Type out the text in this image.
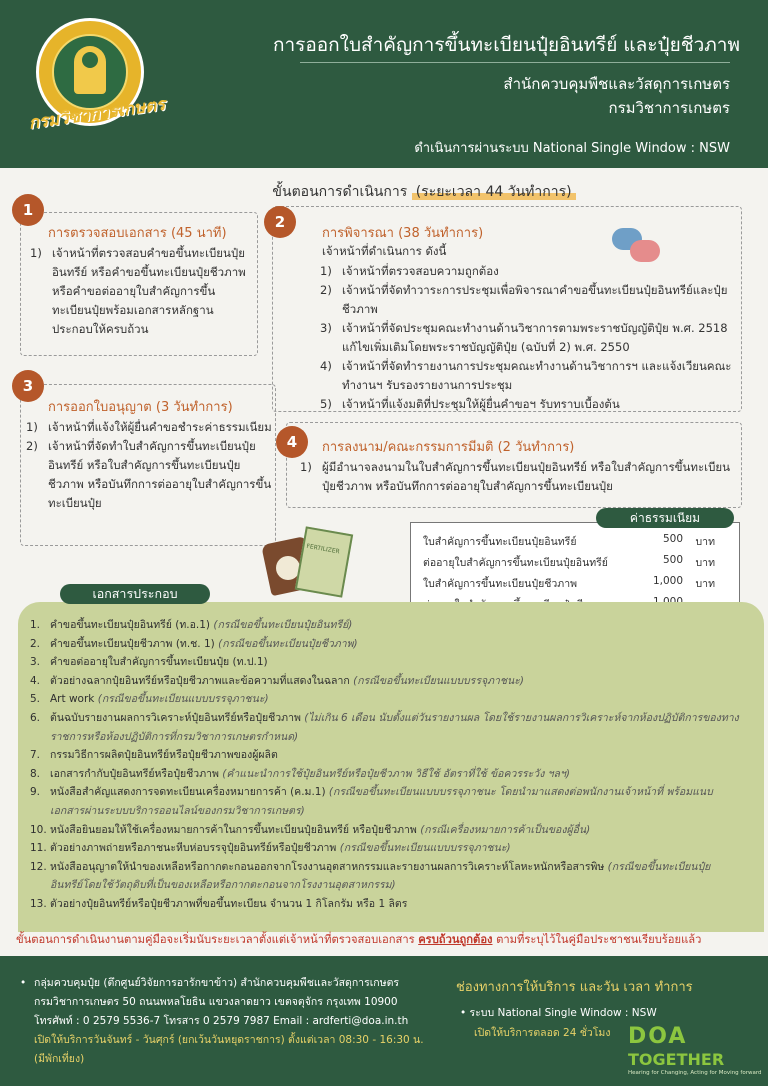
กรมวิชาการเกษตร
การออกใบสำคัญการขึ้นทะเบียนปุ๋ยอินทรีย์ และปุ๋ยชีวภาพ
สำนักควบคุมพืชและวัสดุการเกษตร
กรมวิชาการเกษตร
ดำเนินการผ่านระบบ National Single Window : NSW
ขั้นตอนการดำเนินการ (ระยะเวลา 44 วันทำการ)
1
การตรวจสอบเอกสาร (45 นาที)
1) เจ้าหน้าที่ตรวจสอบคำขอขึ้นทะเบียนปุ๋ยอินทรีย์ หรือคำขอขึ้นทะเบียนปุ๋ยชีวภาพ หรือคำขอต่ออายุใบสำคัญการขึ้นทะเบียนปุ๋ยพร้อมเอกสารหลักฐานประกอบให้ครบถ้วน
2
การพิจารณา (38 วันทำการ)
เจ้าหน้าที่ดำเนินการ ดังนี้
1) เจ้าหน้าที่ตรวจสอบความถูกต้อง
2) เจ้าหน้าที่จัดทำวาระการประชุมเพื่อพิจารณาคำขอขึ้นทะเบียนปุ๋ยอินทรีย์และปุ๋ยชีวภาพ
3) เจ้าหน้าที่จัดประชุมคณะทำงานด้านวิชาการตามพระราชบัญญัติปุ๋ย พ.ศ. 2518 แก้ไขเพิ่มเติมโดยพระราชบัญญัติปุ๋ย (ฉบับที่ 2) พ.ศ. 2550
4) เจ้าหน้าที่จัดทำรายงานการประชุมคณะทำงานด้านวิชาการฯ และแจ้งเวียนคณะทำงานฯ รับรองรายงานการประชุม
5) เจ้าหน้าที่แจ้งมติที่ประชุมให้ผู้ยื่นคำขอฯ รับทราบเบื้องต้น
3
การออกใบอนุญาต (3 วันทำการ)
1) เจ้าหน้าที่แจ้งให้ผู้ยื่นคำขอชำระค่าธรรมเนียม
2) เจ้าหน้าที่จัดทำใบสำคัญการขึ้นทะเบียนปุ๋ยอินทรีย์ หรือใบสำคัญการขึ้นทะเบียนปุ๋ยชีวภาพ หรือบันทึกการต่ออายุใบสำคัญการขึ้นทะเบียนปุ๋ย
4	การลงนาม/คณะกรรมการมีมติ (2 วันทำการ)
1) ผู้มีอำนาจลงนามในใบสำคัญการขึ้นทะเบียนปุ๋ยอินทรีย์ หรือใบสำคัญการขึ้นทะเบียนปุ๋ยชีวภาพ หรือบันทึกการต่ออายุใบสำคัญการขึ้นทะเบียนปุ๋ย
ใบสำคัญการขึ้นทะเบียนปุ๋ยอินทรีย์	500 บาท
ต่ออายุใบสำคัญการขึ้นทะเบียนปุ๋ยอินทรีย์	500 บาท
ใบสำคัญการขึ้นทะเบียนปุ๋ยชีวภาพ	1,000 บาท
ค่าธรรมเนียม
FERTILIZER
เอกสารประกอบ
1. คำขอขึ้นทะเบียนปุ๋ยอินทรีย์ (ท.อ.1) (กรณีขอขึ้นทะเบียนปุ๋ยอินทรีย์)
2. คำขอขึ้นทะเบียนปุ๋ยชีวภาพ (ท.ช. 1) (กรณีขอขึ้นทะเบียนปุ๋ยชีวภาพ)
3. คำขอต่ออายุใบสำคัญการขึ้นทะเบียนปุ๋ย (ท.ป.1)
4. ตัวอย่างฉลากปุ๋ยอินทรีย์หรือปุ๋ยชีวภาพและข้อความที่แสดงในฉลาก (กรณีขอขึ้นทะเบียนแบบบรรจุภาชนะ)
5. Art work (กรณีขอขึ้นทะเบียนแบบบรรจุภาชนะ)
6. ต้นฉบับรายงานผลการวิเคราะห์ปุ๋ยอินทรีย์หรือปุ๋ยชีวภาพ (ไม่เกิน 6 เดือน นับตั้งแต่วันรายงานผล โดยใช้รายงานผลการวิเคราะห์จากห้องปฏิบัติการของทางราชการหรือห้องปฏิบัติการที่กรมวิชาการเกษตรกำหนด)
7. กรรมวิธีการผลิตปุ๋ยอินทรีย์หรือปุ๋ยชีวภาพของผู้ผลิต
8. เอกสารกำกับปุ๋ยอินทรีย์หรือปุ๋ยชีวภาพ (คำแนะนำการใช้ปุ๋ยอินทรีย์หรือปุ๋ยชีวภาพ วิธีใช้ อัตราที่ใช้ ข้อควรระวัง ฯลฯ)
9. หนังสือสำคัญแสดงการจดทะเบียนเครื่องหมายการค้า (ค.ม.1) (กรณีขอขึ้นทะเบียนแบบบรรจุภาชนะ โดยนำมาแสดงต่อพนักงานเจ้าหน้าที่ พร้อมแนบเอกสารผ่านระบบบริการออนไลน์ของกรมวิชาการเกษตร)
10. หนังสือยินยอมให้ใช้เครื่องหมายการค้าในการขึ้นทะเบียนปุ๋ยอินทรีย์ หรือปุ๋ยชีวภาพ (กรณีเครื่องหมายการค้าเป็นของผู้อื่น)
11. ตัวอย่างภาพถ่ายหรือภาชนะหีบห่อบรรจุปุ๋ยอินทรีย์หรือปุ๋ยชีวภาพ (กรณีขอขึ้นทะเบียนแบบบรรจุภาชนะ)
12. หนังสืออนุญาตให้นำของเหลือหรือกากตะกอนออกจากโรงงานอุตสาหกรรมและรายงานผลการวิเคราะห์โลหะหนักหรือสารพิษ (กรณีขอขึ้นทะเบียนปุ๋ยอินทรีย์โดยใช้วัตถุดิบที่เป็นของเหลือหรือกากตะกอนจากโรงงานอุตสาหกรรม)
13. ตัวอย่างปุ๋ยอินทรีย์หรือปุ๋ยชีวภาพที่ขอขึ้นทะเบียน จำนวน 1 กิโลกรัม หรือ 1 ลิตร
ขั้นตอนการดำเนินงานตามคู่มือจะเริ่มนับระยะเวลาตั้งแต่เจ้าหน้าที่ตรวจสอบเอกสาร ครบถ้วนถูกต้อง ตามที่ระบุไว้ในคู่มือประชาชนเรียบร้อยแล้ว
• กลุ่มควบคุมปุ๋ย (ตึกศูนย์วิจัยการอารักขาข้าว) สำนักควบคุมพืชและวัสดุการเกษตร
กรมวิชาการเกษตร 50 ถนนพหลโยธิน แขวงลาดยาว เขตจตุจักร กรุงเทพ 10900
โทรศัพท์ : 0 2579 5536-7 โทรสาร 0 2579 7987 Email : ardferti@doa.in.th
เปิดให้บริการวันจันทร์ - วันศุกร์ (ยกเว้นวันหยุดราชการ) ตั้งแต่เวลา 08:30 - 16:30 น.
(มีพักเที่ยง)
ช่องทางการให้บริการ และวัน เวลา ทำการ
• ระบบ National Single Window : NSW
เปิดให้บริการตลอด 24 ชั่วโมง DOA
TOGETHER
Hearing for Changing, Acting for Moving forward
